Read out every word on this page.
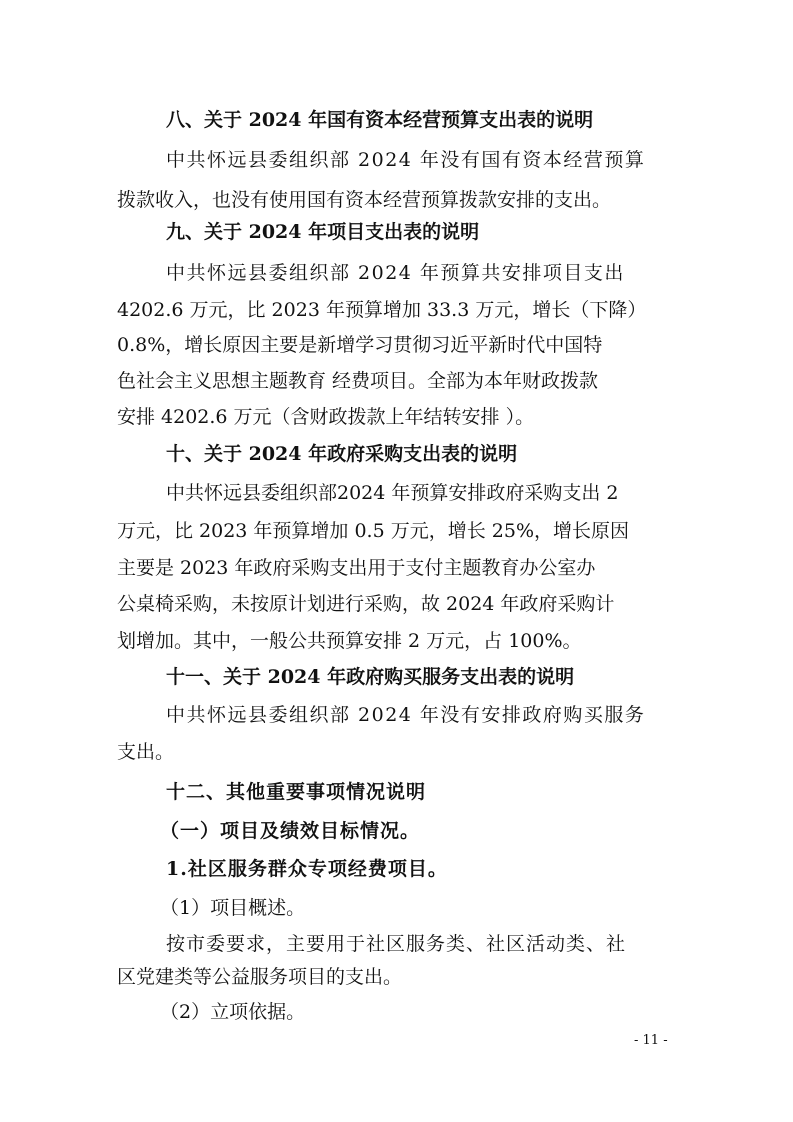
八、关于 2024 年国有资本经营预算支出表的说明
中共怀远县委组织部 2024 年没有国有资本经营预算
拨款收入，也没有使用国有资本经营预算拨款安排的支出。
九、关于 2024 年项目支出表的说明
中共怀远县委组织部 2024 年预算共安排项目支出
4202.6 万元，比 2023 年预算增加 33.3 万元，增长（下降）
0.8%，增长原因主要是新增学习贯彻习近平新时代中国特
色社会主义思想主题教育 经费项目。全部为本年财政拨款
安排 4202.6 万元（含财政拨款上年结转安排 ）。
十、关于 2024 年政府采购支出表的说明
中共怀远县委组织部2024 年预算安排政府采购支出 2
万元，比 2023 年预算增加 0.5 万元，增长 25%，增长原因
主要是 2023 年政府采购支出用于支付主题教育办公室办
公桌椅采购，未按原计划进行采购，故 2024 年政府采购计
划增加。其中，一般公共预算安排 2 万元，占 100%。
十一、关于 2024 年政府购买服务支出表的说明
中共怀远县委组织部 2024 年没有安排政府购买服务
支出。
十二、其他重要事项情况说明
（一）项目及绩效目标情况。
1.社区服务群众专项经费项目。
（1）项目概述。
按市委要求，主要用于社区服务类、社区活动类、社
区党建类等公益服务项目的支出。
（2）立项依据。
- 11 -
